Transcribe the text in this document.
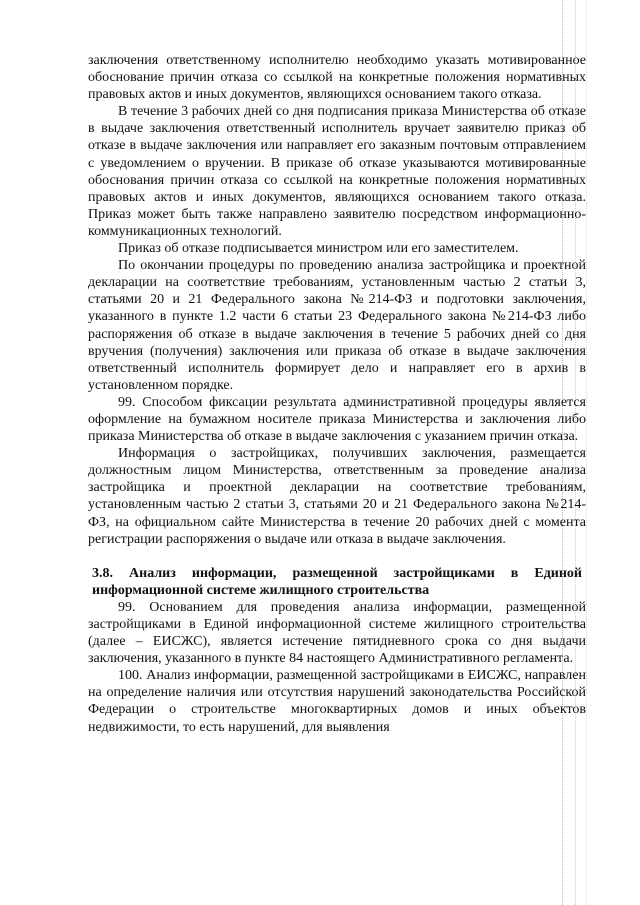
заключения ответственному исполнителю необходимо указать мотивированное обоснование причин отказа со ссылкой на конкретные положения нормативных правовых актов и иных документов, являющихся основанием такого отказа.

В течение 3 рабочих дней со дня подписания приказа Министерства об отказе в выдаче заключения ответственный исполнитель вручает заявителю приказ об отказе в выдаче заключения или направляет его заказным почтовым отправлением с уведомлением о вручении. В приказе об отказе указываются мотивированные обоснования причин отказа со ссылкой на конкретные положения нормативных правовых актов и иных документов, являющихся основанием такого отказа. Приказ может быть также направлено заявителю посредством информационно-коммуникационных технологий.

Приказ об отказе подписывается министром или его заместителем.

По окончании процедуры по проведению анализа застройщика и проектной декларации на соответствие требованиям, установленным частью 2 статьи 3, статьями 20 и 21 Федерального закона №214-ФЗ и подготовки заключения, указанного в пункте 1.2 части 6 статьи 23 Федерального закона №214-ФЗ либо распоряжения об отказе в выдаче заключения в течение 5 рабочих дней со дня вручения (получения) заключения или приказа об отказе в выдаче заключения ответственный исполнитель формирует дело и направляет его в архив в установленном порядке.

99. Способом фиксации результата административной процедуры является оформление на бумажном носителе приказа Министерства и заключения либо приказа Министерства об отказе в выдаче заключения с указанием причин отказа.

Информация о застройщиках, получивших заключения, размещается должностным лицом Министерства, ответственным за проведение анализа застройщика и проектной декларации на соответствие требованиям, установленным частью 2 статьи 3, статьями 20 и 21 Федерального закона №214-ФЗ, на официальном сайте Министерства в течение 20 рабочих дней с момента регистрации распоряжения о выдаче или отказа в выдаче заключения.

3.8. Анализ информации, размещенной застройщиками в Единой информационной системе жилищного строительства

99. Основанием для проведения анализа информации, размещенной застройщиками в Единой информационной системе жилищного строительства (далее – ЕИСЖС), является истечение пятидневного срока со дня выдачи заключения, указанного в пункте 84 настоящего Административного регламента.

100. Анализ информации, размещенной застройщиками в ЕИСЖС, направлен на определение наличия или отсутствия нарушений законодательства Российской Федерации о строительстве многоквартирных домов и иных объектов недвижимости, то есть нарушений, для выявления
